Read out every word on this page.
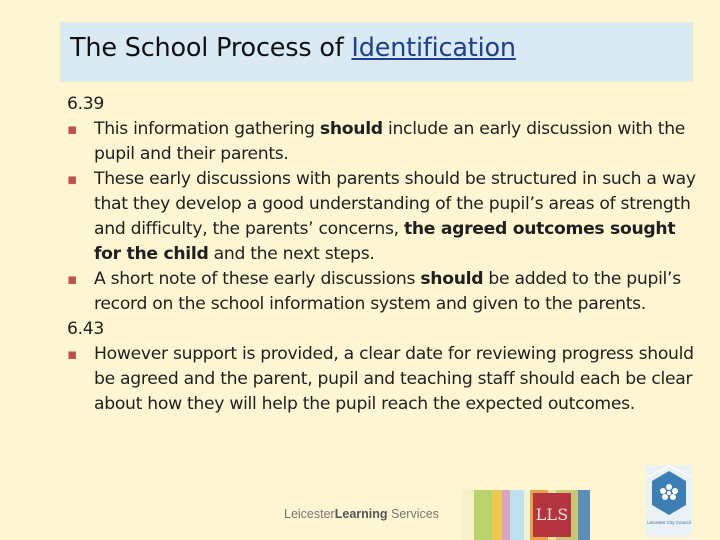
The School Process of Identification

6.39

▪
This information gathering should include an early discussion with the pupil and their parents.

▪
These early discussions with parents should be structured in such a way that they develop a good understanding of the pupil’s areas of strength and difficulty, the parents’ concerns, the agreed outcomes sought for the child and the next steps.

▪
A short note of these early discussions should be added to the pupil’s record on the school information system and given to the parents.

6.43

▪
However support is provided, a clear date for reviewing progress should be agreed and the parent, pupil and teaching staff should each be clear about how they will help the pupil reach the expected outcomes.

LeicesterLearning Services	LLS	Leicester City Council
